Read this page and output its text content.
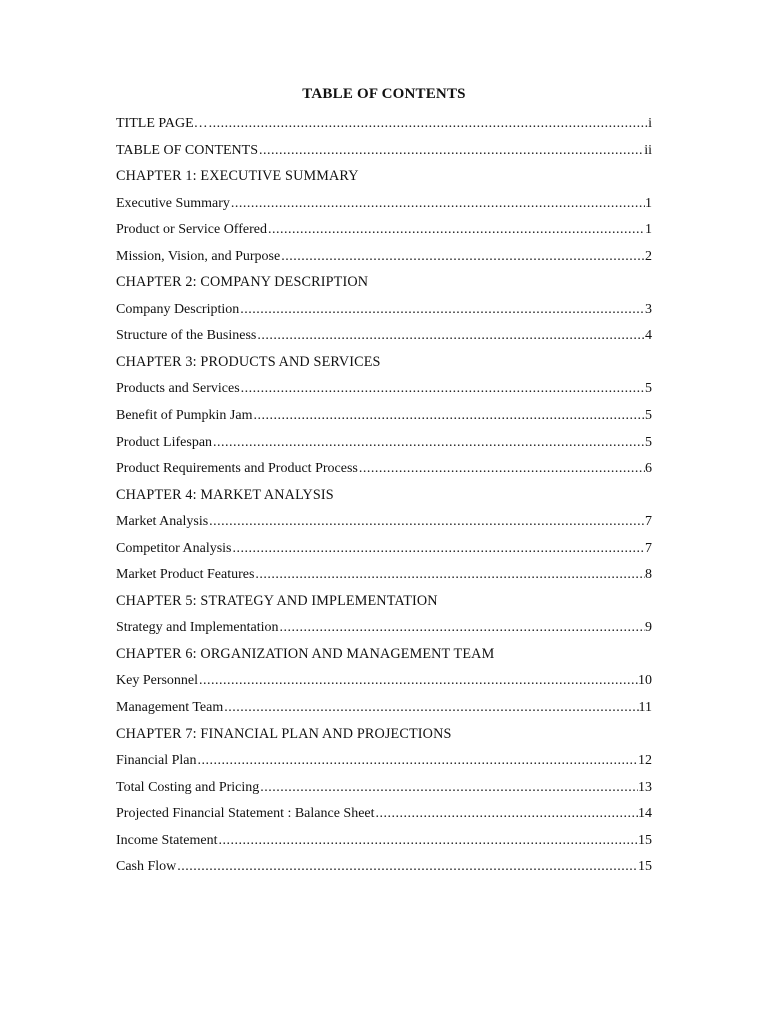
TABLE OF CONTENTS
TITLE PAGE… .....	i
TABLE OF CONTENTS .....	ii
CHAPTER 1: EXECUTIVE SUMMARY
Executive Summary .....	1
Product or Service Offered .....	1
Mission, Vision, and Purpose .....	2
CHAPTER 2: COMPANY DESCRIPTION
Company Description .....	3
Structure of the Business .....	4
CHAPTER 3: PRODUCTS AND SERVICES
Products and Services .....	5
Benefit of Pumpkin Jam .....	5
Product Lifespan .....	5
Product Requirements and Product Process .....	6
CHAPTER 4: MARKET ANALYSIS
Market Analysis .....	7
Competitor Analysis .....	7
Market Product Features .....	8
CHAPTER 5: STRATEGY AND IMPLEMENTATION
Strategy and Implementation .....	9
CHAPTER 6: ORGANIZATION AND MANAGEMENT TEAM
Key Personnel .....	10
Management Team .....	11
CHAPTER 7: FINANCIAL PLAN AND PROJECTIONS
Financial Plan .....	12
Total Costing and Pricing .....	13
Projected Financial Statement : Balance Sheet .....	14
Income Statement .....	15
Cash Flow .....	15
